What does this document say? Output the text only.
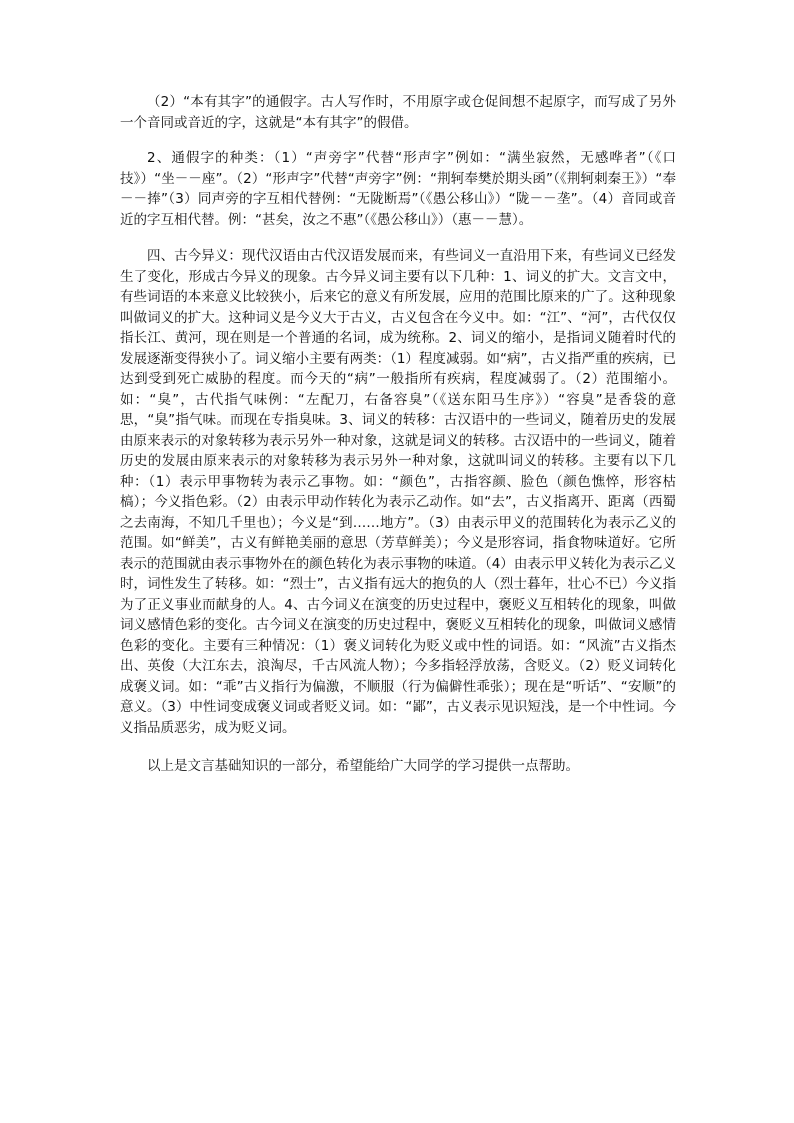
（2）“本有其字”的通假字。古人写作时，不用原字或仓促间想不起原字，而写成了另外一个音同或音近的字，这就是“本有其字”的假借。

2、通假字的种类：（1）“声旁字”代替“形声字”例如：“满坐寂然，无感哗者”（《口技》）“坐－－座”。（2）“形声字”代替“声旁字”例：“荆轲奉樊於期头函”（《荆轲刺秦王》）“奉－－捧”（3）同声旁的字互相代替例：“无陇断焉”（《愚公移山》）“陇－－垄”。（4）音同或音近的字互相代替。例：“甚矣，汝之不惠”（《愚公移山》）（惠－－慧）。

四、古今异义：现代汉语由古代汉语发展而来，有些词义一直沿用下来，有些词义已经发生了变化，形成古今异义的现象。古今异义词主要有以下几种：1、词义的扩大。文言文中，有些词语的本来意义比较狭小，后来它的意义有所发展，应用的范围比原来的广了。这种现象叫做词义的扩大。这种词义是今义大于古义，古义包含在今义中。如：“江”、“河”，古代仅仅指长江、黄河，现在则是一个普通的名词，成为统称。2、词义的缩小，是指词义随着时代的发展逐渐变得狭小了。词义缩小主要有两类：（1）程度减弱。如“病”，古义指严重的疾病，已达到受到死亡威胁的程度。而今天的“病”一般指所有疾病，程度减弱了。（2）范围缩小。如：“臭”，古代指气味例：“左配刀，右备容臭”（《送东阳马生序》）“容臭”是香袋的意思，“臭”指气味。而现在专指臭味。3、词义的转移：古汉语中的一些词义，随着历史的发展由原来表示的对象转移为表示另外一种对象，这就是词义的转移。古汉语中的一些词义，随着历史的发展由原来表示的对象转移为表示另外一种对象，这就叫词义的转移。主要有以下几种：（1）表示甲事物转为表示乙事物。如：“颜色”，古指容颜、脸色（颜色憔悴，形容枯槁）；今义指色彩。（2）由表示甲动作转化为表示乙动作。如“去”，古义指离开、距离（西蜀之去南海，不知几千里也）；今义是“到……地方”。（3）由表示甲义的范围转化为表示乙义的范围。如“鲜美”，古义有鲜艳美丽的意思（芳草鲜美）；今义是形容词，指食物味道好。它所表示的范围就由表示事物外在的颜色转化为表示事物的味道。（4）由表示甲义转化为表示乙义时，词性发生了转移。如：“烈士”，古义指有远大的抱负的人（烈士暮年，壮心不已）今义指为了正义事业而献身的人。4、古今词义在演变的历史过程中，褒贬义互相转化的现象，叫做词义感情色彩的变化。古今词义在演变的历史过程中，褒贬义互相转化的现象，叫做词义感情色彩的变化。主要有三种情况：（1）褒义词转化为贬义或中性的词语。如：“风流”古义指杰出、英俊（大江东去，浪淘尽，千古风流人物）；今多指轻浮放荡，含贬义。（2）贬义词转化成褒义词。如：“乖”古义指行为偏激，不顺服（行为偏僻性乖张）；现在是“听话”、“安顺”的意义。（3）中性词变成褒义词或者贬义词。如：“鄙”，古义表示见识短浅，是一个中性词。今义指品质恶劣，成为贬义词。

以上是文言基础知识的一部分，希望能给广大同学的学习提供一点帮助。
